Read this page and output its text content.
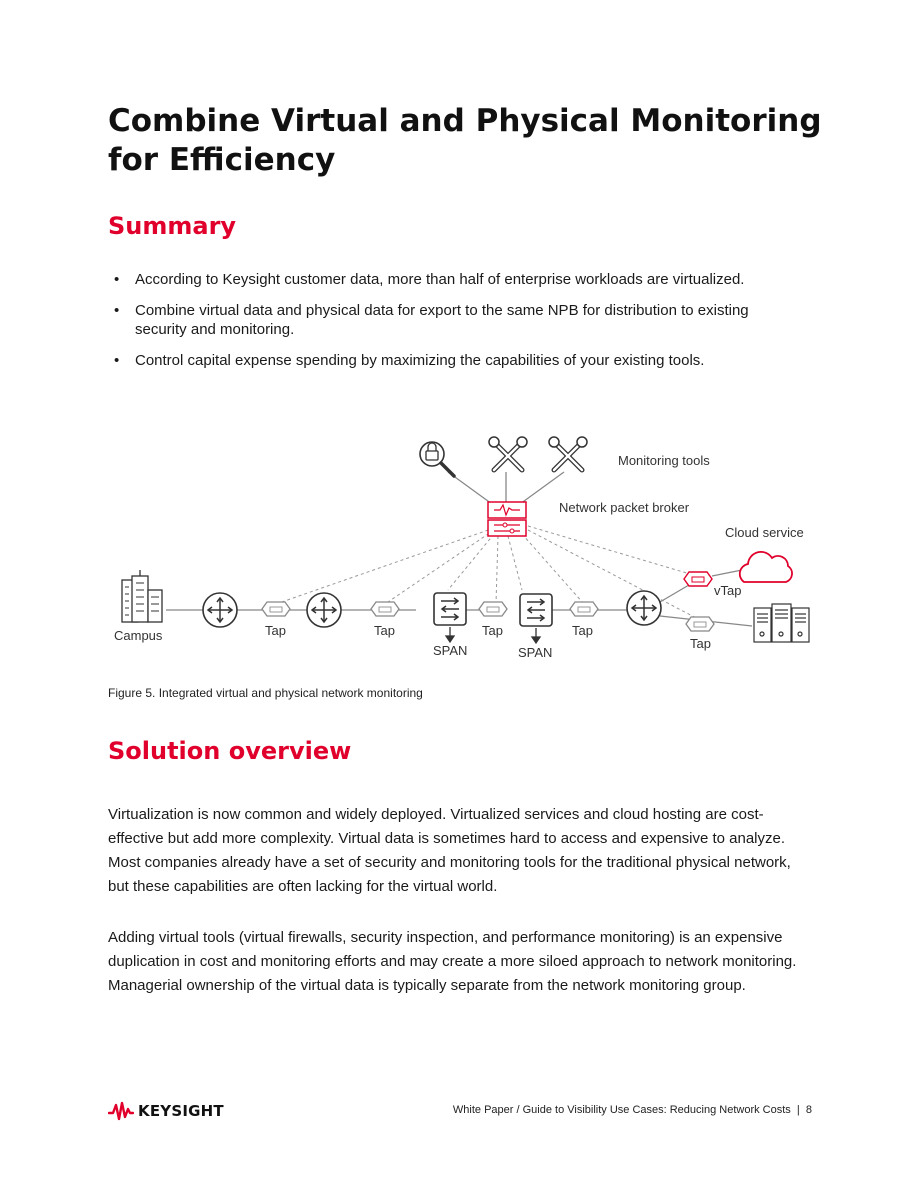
Combine Virtual and Physical Monitoring for Efficiency
Summary
• According to Keysight customer data, more than half of enterprise workloads are virtualized.
• Combine virtual data and physical data for export to the same NPB for distribution to existing security and monitoring.
• Control capital expense spending by maximizing the capabilities of your existing tools.
Monitoring tools
Network packet broker
Cloud service
vTap
Campus	Tap	Tap	Tap	Tap
Tap
SPAN	SPAN
Figure 5. Integrated virtual and physical network monitoring
Solution overview

Virtualization is now common and widely deployed. Virtualized services and cloud hosting are cost-effective but add more complexity. Virtual data is sometimes hard to access and expensive to analyze. Most companies already have a set of security and monitoring tools for the traditional physical network, but these capabilities are often lacking for the virtual world.

Adding virtual tools (virtual firewalls, security inspection, and performance monitoring) is an expensive duplication in cost and monitoring efforts and may create a more siloed approach to network monitoring. Managerial ownership of the virtual data is typically separate from the network monitoring group.

KEYSIGHT	White Paper / Guide to Visibility Use Cases: Reducing Network Costs  |  8
